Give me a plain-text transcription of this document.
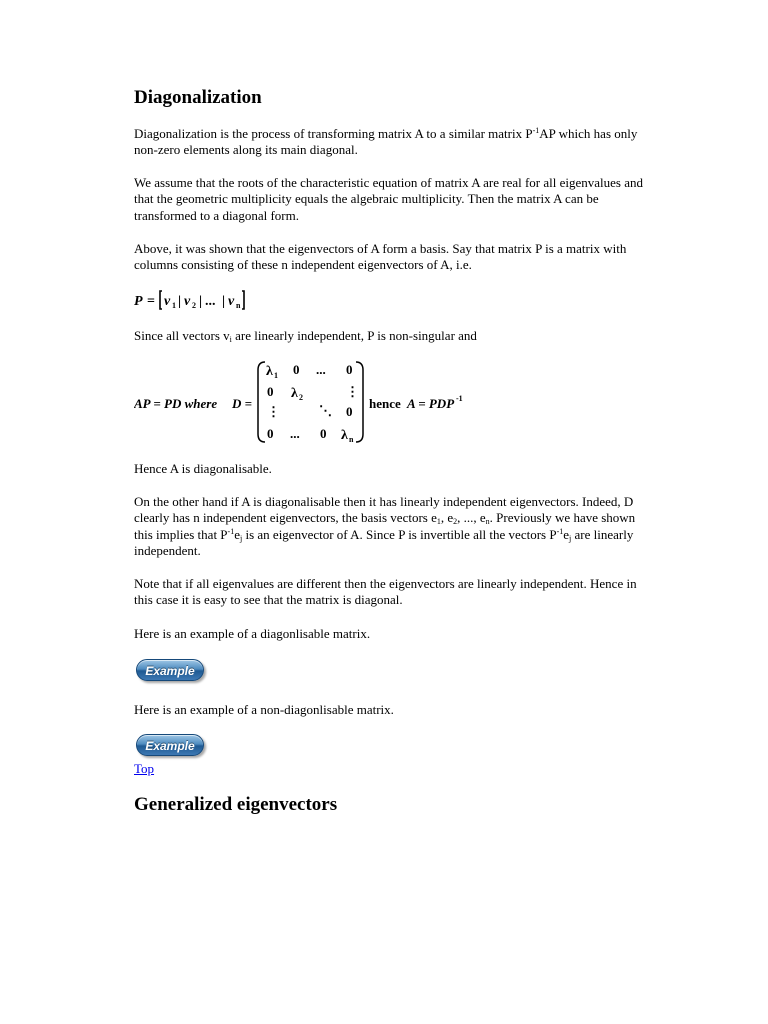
Diagonalization

Diagonalization is the process of transforming matrix A to a similar matrix $P^{-1}AP$ which has only non-zero elements along its main diagonal.

We assume that the roots of the characteristic equation of matrix A are real for all eigenvalues and that the geometric multiplicity equals the algebraic multiplicity. Then the matrix A can be transformed to a diagonal form.

Above, it was shown that the eigenvectors of A form a basis. Say that matrix P is a matrix with columns consisting of these n independent eigenvectors of A, i.e.

P = v 1 | v 2 | ... | v n

Since all vectors $v_i$ are linearly independent, P is non-singular and

AP = PD where D =
λ 1 0 ... 0
0 λ 2	⋮
⋮	⋱ 0
0 ... 0 λ n
hence A = PDP -1

Hence A is diagonalisable.

On the other hand if A is diagonalisable then it has linearly independent eigenvectors. Indeed, D clearly has n independent eigenvectors, the basis vectors $e_1$, $e_2$, ..., $e_n$. Previously we have shown this implies that $P^{-1}e_j$ is an eigenvector of A. Since P is invertible all the vectors $P^{-1}e_j$ are linearly independent.

Note that if all eigenvalues are different then the eigenvectors are linearly independent. Hence in this case it is easy to see that the matrix is diagonal.

Here is an example of a diagonlisable matrix.

Example

Here is an example of a non-diagonlisable matrix.

Example
Top
Generalized eigenvectors
